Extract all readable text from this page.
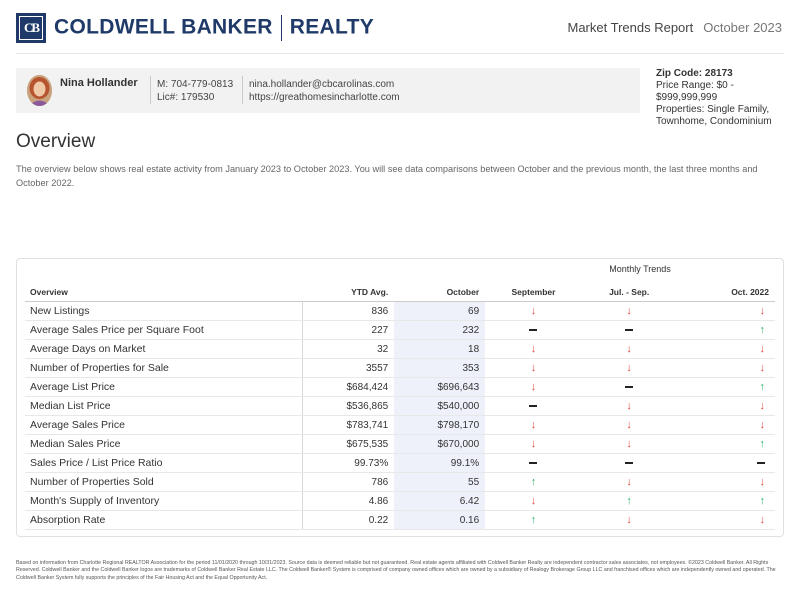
CB COLDWELL BANKER REALTY	Market Trends Report October 2023
Nina Hollander M: 704-779-0813
Lic#: 179530
nina.hollander@cbcarolinas.com
https://greathomesincharlotte.com
Zip Code: 28173
Price Range: $0 - $999,999,999
Properties: Single Family, Townhome, Condominium
Overview
The overview below shows real estate activity from January 2023 to October 2023. You will see data comparisons between October and the previous month, the last three months and October 2022.
Monthly Trends
Overview	YTD Avg.	October	September	Jul. - Sep.	Oct. 2022
New Listings	836	69	↓	↓	↓
Average Sales Price per Square Foot	227	232			↑
Average Days on Market	32	18	↓	↓	↓
Number of Properties for Sale	3557	353	↓	↓	↓
Average List Price	$684,424	$696,643	↓		↑
Median List Price	$536,865	$540,000		↓	↓
Average Sales Price	$783,741	$798,170	↓	↓	↓
Median Sales Price	$675,535	$670,000	↓	↓	↑
Sales Price / List Price Ratio	99.73%	99.1%			
Number of Properties Sold	786	55	↑	↓	↓
Month's Supply of Inventory	4.86	6.42	↓	↑	↑
Absorption Rate	0.22	0.16	↑	↓	↓
Based on information from Charlotte Regional REALTOR Association for the period 11/01/2020 through 10/31/2023. Source data is deemed reliable but not guaranteed. Real estate agents affiliated with Coldwell Banker Realty are independent contractor sales associates, not employees. ©2023 Coldwell Banker. All Rights Reserved. Coldwell Banker and the Coldwell Banker logos are trademarks of Coldwell Banker Real Estate LLC. The Coldwell Banker® System is comprised of company owned offices which are owned by a subsidiary of Realogy Brokerage Group LLC and franchised offices which are independently owned and operated. The Coldwell Banker System fully supports the principles of the Fair Housing Act and the Equal Opportunity Act.
